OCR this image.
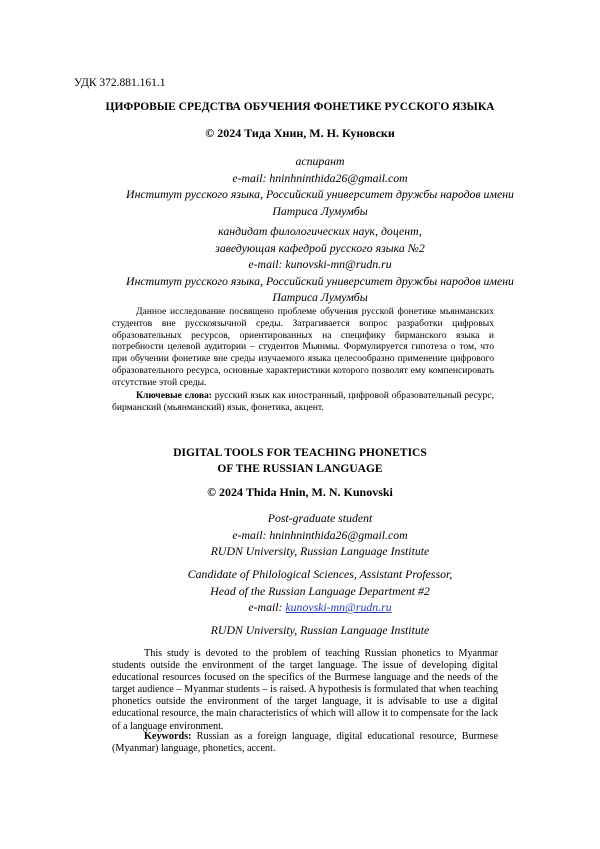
УДК 372.881.161.1
ЦИФРОВЫЕ СРЕДСТВА ОБУЧЕНИЯ ФОНЕТИКЕ РУССКОГО ЯЗЫКА
© 2024 Тида Хнин, М. Н. Куновски
аспирант
e-mail: hninhninthida26@gmail.com
Институт русского языка, Российский университет дружбы народов имени
Патриса Лумумбы
кандидат филологических наук, доцент,
заведующая кафедрой русского языка №2
e-mail: kunovski-mn@rudn.ru
Институт русского языка, Российский университет дружбы народов имени
Патриса Лумумбы

Данное исследование посвящено проблеме обучения русской фонетике мьянманских студентов вне русскоязычной среды. Затрагивается вопрос разработки цифровых образовательных ресурсов, ориентированных на специфику бирманского языка и потребности целевой аудитории – студентов Мьянмы. Формулируется гипотеза о том, что при обучении фонетике вне среды изучаемого языка целесообразно применение цифрового образовательного ресурса, основные характеристики которого позволят ему компенсировать отсутствие этой среды.

Ключевые слова: русский язык как иностранный, цифровой образовательный ресурс, бирманский (мьянманский) язык, фонетика, акцент.

DIGITAL TOOLS FOR TEACHING PHONETICS
OF THE RUSSIAN LANGUAGE
© 2024 Thida Hnin, M. N. Kunovski
Post-graduate student
e-mail: hninhninthida26@gmail.com
RUDN University, Russian Language Institute
Candidate of Philological Sciences, Assistant Professor,
Head of the Russian Language Department #2
e-mail: kunovski-mn@rudn.ru
RUDN University, Russian Language Institute

This study is devoted to the problem of teaching Russian phonetics to Myanmar students outside the environment of the target language. The issue of developing digital educational resources focused on the specifics of the Burmese language and the needs of the target audience – Myanmar students – is raised. A hypothesis is formulated that when teaching phonetics outside the environment of the target language, it is advisable to use a digital educational resource, the main characteristics of which will allow it to compensate for the lack of a language environment.

Keywords: Russian as a foreign language, digital educational resource, Burmese (Myanmar) language, phonetics, accent.
